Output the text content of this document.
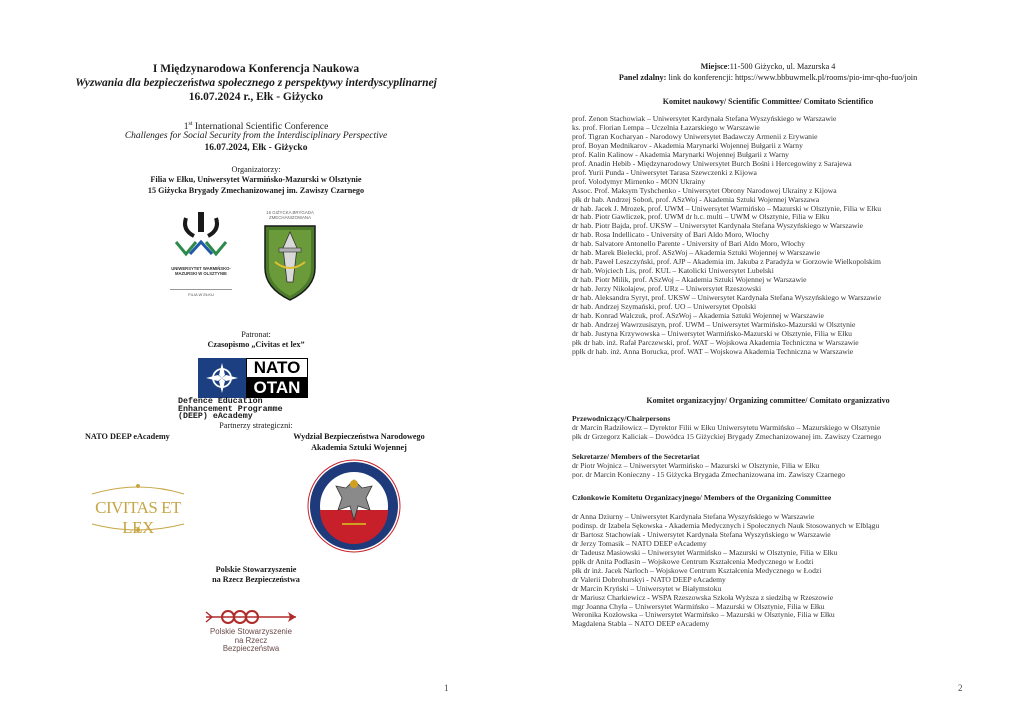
I Międzynarodowa Konferencja Naukowa
Wyzwania dla bezpieczeństwa społecznego z perspektywy interdyscyplinarnej
16.07.2024 r., Ełk - Giżycko
1st International Scientific Conference
Challenges for Social Security from the Interdisciplinary Perspective
16.07.2024, Ełk - Giżycko
Organizatorzy:
Filia w Ełku, Uniwersytet Warmińsko-Mazurski w Olsztynie
15 Giżycka Brygady Zmechanizowanej im. Zawiszy Czarnego
UNIWERSYTET WARMIŃSKO-MAZURSKI W OLSZTYNIE
FILIA W EŁKU
15 GIŻYCKA BRYGADA ZMECHANIZOWANA
Patronat:
Czasopismo „Civitas et lex”
NATO
OTAN
Defence Education
Enhancement Programme
(DEEP) eAcademy
Partnerzy strategiczni:
NATO DEEP eAcademy	Wydział Bezpieczeństwa Narodowego
Akademia Sztuki Wojennej
CIVITAS ET LEX
Polskie Stowarzyszenie
na Rzecz Bezpieczeństwa
Polskie Stowarzyszenie
na Rzecz
Bezpieczeństwa
1
Miejsce:11-500 Giżycko, ul. Mazurska 4
Panel zdalny: link do konferencji: https://www.bbbuwmelk.pl/rooms/pio-imr-qho-fuo/join
Komitet naukowy/ Scientific Committee/ Comitato Scientifico
prof. Zenon Stachowiak – Uniwersytet Kardynała Stefana Wyszyńskiego w Warszawie
ks. prof. Florian Lempa – Uczelnia Łazarskiego w Warszawie
prof. Tigran Kocharyan - Narodowy Uniwersytet Badawczy Armenii z Erywanie
prof. Boyan Mednikarov - Akademia Marynarki Wojennej Bułgarii z Warny
prof. Kalin Kalinow - Akademia Marynarki Wojennej Bułgarii z Warny
prof. Anadin Hebib - Międzynarodowy Uniwersytet Burch Bośni i Hercegowiny z Sarajewa
prof. Yurii Punda - Uniwersytet Tarasa Szewczenki z Kijowa
prof. Volodymyr Mirnenko - MON Ukrainy
Assoc. Prof. Maksym Tyshchenko - Uniwersytet Obrony Narodowej Ukrainy z Kijowa
płk dr hab. Andrzej Soboń, prof. ASzWoj - Akademia Sztuki Wojennej Warszawa
dr hab. Jacek J. Mrozek, prof. UWM – Uniwersytet Warmińsko – Mazurski w Olsztynie, Filia w Ełku
dr hab. Piotr Gawliczek, prof. UWM dr h.c. multi – UWM w Olsztynie, Filia w Ełku
dr hab. Piotr Bajda, prof. UKSW – Uniwersytet Kardynała Stefana Wyszyńskiego w Warszawie
dr hab. Rosa Indellicato - University of Bari Aldo Moro, Włochy
dr hab. Salvatore Antonello Parente - University of Bari Aldo Moro, Włochy
dr hab. Marek Bielecki, prof. ASzWoj – Akademia Sztuki Wojennej w Warszawie
dr hab. Paweł Leszczyński, prof. AJP – Akademia im. Jakuba z Paradyża w Gorzowie Wielkopolskim
dr hab. Wojciech Lis, prof. KUL – Katolicki Uniwersytet Lubelski
dr hab. Piotr Milik, prof. ASzWoj – Akademia Sztuki Wojennej w Warszawie
dr hab. Jerzy Nikołajew, prof. URz – Uniwersytet Rzeszowski
dr hab. Aleksandra Syryt, prof. UKSW – Uniwersytet Kardynała Stefana Wyszyńskiego w Warszawie
dr hab. Andrzej Szymański, prof. UO – Uniwersytet Opolski
dr hab. Konrad Walczuk, prof. ASzWoj – Akademia Sztuki Wojennej w Warszawie
dr hab. Andrzej Wawrzusiszyn, prof. UWM – Uniwersytet Warmińsko-Mazurski w Olsztynie
dr hab. Justyna Krzywowska – Uniwersytet Warmińsko-Mazurski w Olsztynie, Filia w Ełku
płk dr hab. inż. Rafał Parczewski, prof. WAT – Wojskowa Akademia Techniczna w Warszawie
ppłk dr hab. inż. Anna Borucka, prof. WAT – Wojskowa Akademia Techniczna w Warszawie
Komitet organizacyjny/ Organizing committee/ Comitato organizzativo
Przewodniczący/Chairpersons
dr Marcin Radziłowicz – Dyrektor Filii w Ełku Uniwersytetu Warmińsko – Mazurskiego w Olsztynie
płk dr Grzegorz Kaliciak – Dowódca 15 Giżyckiej Brygady Zmechanizowanej im. Zawiszy Czarnego
Sekretarze/ Members of the Secretariat
dr Piotr Wojnicz – Uniwersytet Warmińsko – Mazurski w Olsztynie, Filia w Ełku
por. dr Marcin Konieczny - 15 Giżycka Brygada Zmechanizowana im. Zawiszy Czarnego
Członkowie Komitetu Organizacyjnego/ Members of the Organizing Committee
dr Anna Dziurny – Uniwersytet Kardynała Stefana Wyszyńskiego w Warszawie
podinsp. dr Izabela Sękowska - Akademia Medycznych i Społecznych Nauk Stosowanych w Elblągu
dr Bartosz Stachowiak - Uniwersytet Kardynała Stefana Wyszyńskiego w Warszawie
dr Jerzy Tomasik – NATO DEEP eAcademy
dr Tadeusz Masiowski – Uniwersytet Warmińsko – Mazurski w Olsztynie, Filia w Ełku
ppłk dr Anita Podlasin – Wojskowe Centrum Kształcenia Medycznego w Łodzi
płk dr inż. Jacek Narloch – Wojskowe Centrum Kształcenia Medycznego w Łodzi
dr Valerii Dobrohurskyi - NATO DEEP eAcademy
dr Marcin Kryński – Uniwersytet w Białymstoku
dr Mariusz Charkiewicz - WSPA Rzeszowska Szkoła Wyższa z siedzibą w Rzeszowie
mgr Joanna Chyła – Uniwersytet Warmińsko – Mazurski w Olsztynie, Filia w Ełku
Weronika Kozłowska – Uniwersytet Warmińsko – Mazurski w Olsztynie, Filia w Ełku
Magdalena Stabla – NATO DEEP eAcademy
2
